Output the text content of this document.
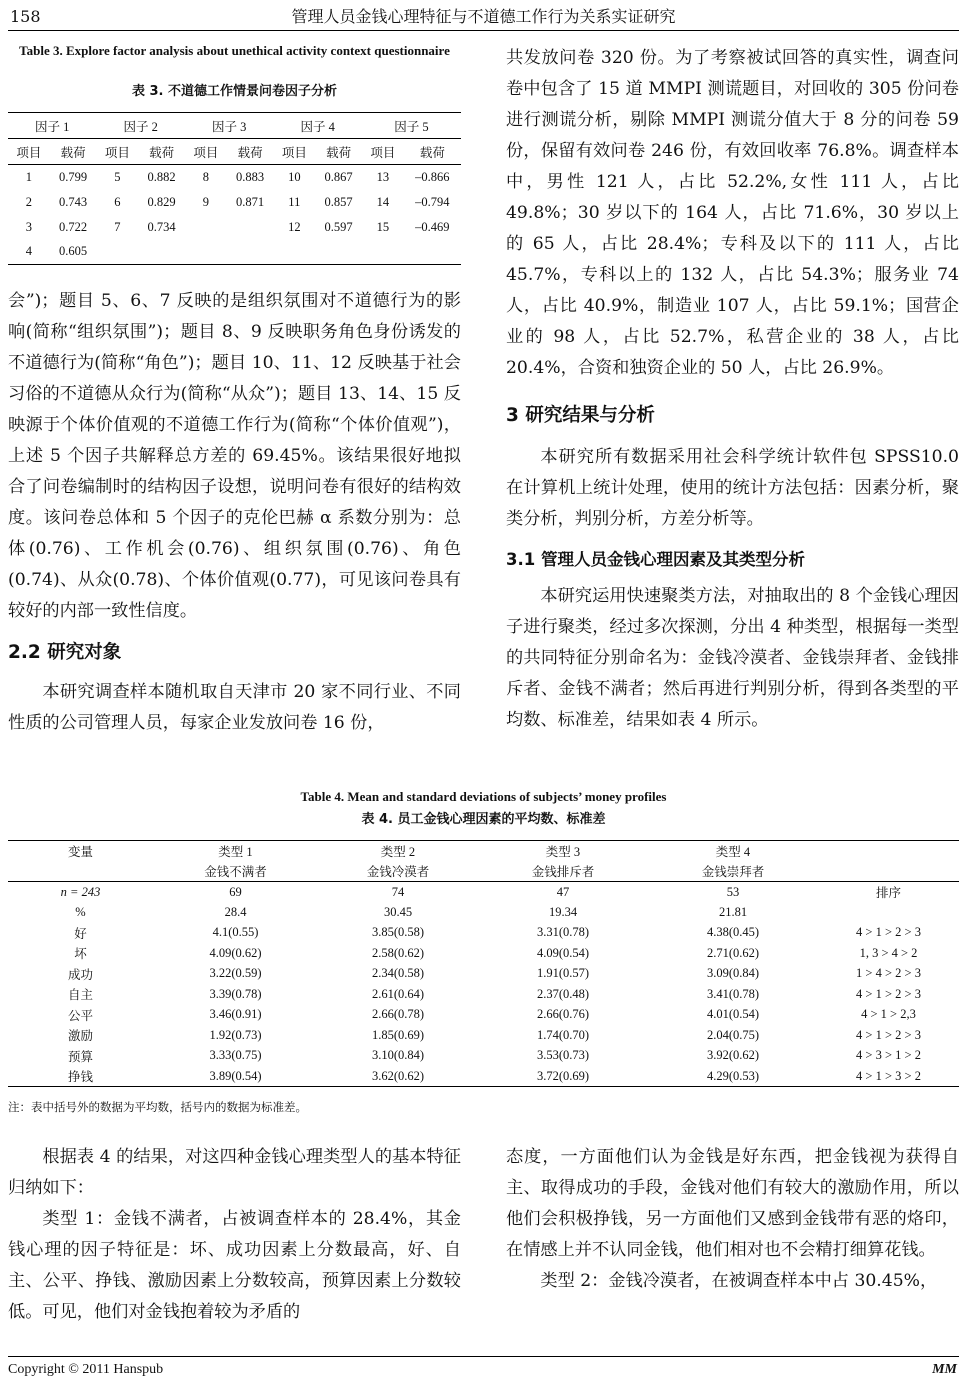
158	管理人员金钱心理特征与不道德工作行为关系实证研究
Table 3. Explore factor analysis about unethical activity context questionnaire
表 3. 不道德工作情景问卷因子分析
因子 1		因子 2		因子 3		因子 4		因子 5	
项目	载荷	项目	载荷	项目	载荷	项目	载荷	项目	载荷
1	0.799	5	0.882	8	0.883	10	0.867	13	–0.866
2	0.743	6	0.829	9	0.871	11	0.857	14	–0.794
3	0.722	7	0.734			12	0.597	15	–0.469
4	0.605								

会”)；题目 5、6、7 反映的是组织氛围对不道德行为的影响(简称“组织氛围”)；题目 8、9 反映职务角色身份诱发的不道德行为(简称“角色”)；题目 10、11、12 反映基于社会习俗的不道德从众行为(简称“从众”)；题目 13、14、15 反映源于个体价值观的不道德工作行为(简称“个体价值观”)，上述 5 个因子共解释总方差的 69.45%。该结果很好地拟合了问卷编制时的结构因子设想，说明问卷有很好的结构效度。该问卷总体和 5 个因子的克伦巴赫 α 系数分别为：总体(0.76)、工作机会(0.76)、组织氛围(0.76)、角色(0.74)、从众(0.78)、个体价值观(0.77)，可见该问卷具有较好的内部一致性信度。

2.2 研究对象

本研究调查样本随机取自天津市 20 家不同行业、不同性质的公司管理人员，每家企业发放问卷 16 份，

共发放问卷 320 份。为了考察被试回答的真实性，调查问卷中包含了 15 道 MMPI 测谎题目，对回收的 305 份问卷进行测谎分析，剔除 MMPI 测谎分值大于 8 分的问卷 59 份，保留有效问卷 246 份，有效回收率 76.8%。调查样本中，男性 121 人，占比 52.2%,女性 111 人，占比 49.8%；30 岁以下的 164 人，占比 71.6%，30 岁以上的 65 人，占比 28.4%；专科及以下的 111 人，占比 45.7%，专科以上的 132 人，占比 54.3%；服务业 74 人，占比 40.9%，制造业 107 人，占比 59.1%；国营企业的 98 人，占比 52.7%，私营企业的 38 人，占比 20.4%，合资和独资企业的 50 人，占比 26.9%。

3 研究结果与分析

本研究所有数据采用社会科学统计软件包 SPSS10.0 在计算机上统计处理，使用的统计方法包括：因素分析，聚类分析，判别分析，方差分析等。

3.1 管理人员金钱心理因素及其类型分析

本研究运用快速聚类方法，对抽取出的 8 个金钱心理因子进行聚类，经过多次探测，分出 4 种类型，根据每一类型的共同特征分别命名为：金钱冷漠者、金钱崇拜者、金钱排斥者、金钱不满者；然后再进行判别分析，得到各类型的平均数、标准差，结果如表 4 所示。

Table 4. Mean and standard deviations of subjects’ money profiles
表 4. 员工金钱心理因素的平均数、标准差
变量	类型 1	类型 2	类型 3	类型 4	
	金钱不满者	金钱冷漠者	金钱排斥者	金钱崇拜者	
n = 243	69	74	47	53	排序
%	28.4	30.45	19.34	21.81	
好	4.1(0.55)	3.85(0.58)	3.31(0.78)	4.38(0.45)	4 > 1 > 2 > 3
坏	4.09(0.62)	2.58(0.62)	4.09(0.54)	2.71(0.62)	1, 3 > 4 > 2
成功	3.22(0.59)	2.34(0.58)	1.91(0.57)	3.09(0.84)	1 > 4 > 2 > 3
自主	3.39(0.78)	2.61(0.64)	2.37(0.48)	3.41(0.78)	4 > 1 > 2 > 3
公平	3.46(0.91)	2.66(0.78)	2.66(0.76)	4.01(0.54)	4 > 1 > 2,3
激励	1.92(0.73)	1.85(0.69)	1.74(0.70)	2.04(0.75)	4 > 1 > 2 > 3
预算	3.33(0.75)	3.10(0.84)	3.53(0.73)	3.92(0.62)	4 > 3 > 1 > 2
挣钱	3.89(0.54)	3.62(0.62)	3.72(0.69)	4.29(0.53)	4 > 1 > 3 > 2
注：表中括号外的数据为平均数，括号内的数据为标准差。

根据表 4 的结果，对这四种金钱心理类型人的基本特征归纳如下：

类型 1：金钱不满者，占被调查样本的 28.4%，其金钱心理的因子特征是：坏、成功因素上分数最高，好、自主、公平、挣钱、激励因素上分数较高，预算因素上分数较低。可见，他们对金钱抱着较为矛盾的

态度，一方面他们认为金钱是好东西，把金钱视为获得自主、取得成功的手段，金钱对他们有较大的激励作用，所以他们会积极挣钱，另一方面他们又感到金钱带有恶的烙印，在情感上并不认同金钱，他们相对也不会精打细算花钱。

类型 2：金钱冷漠者，在被调查样本中占 30.45%，

Copyright © 2011 Hanspub	MM
